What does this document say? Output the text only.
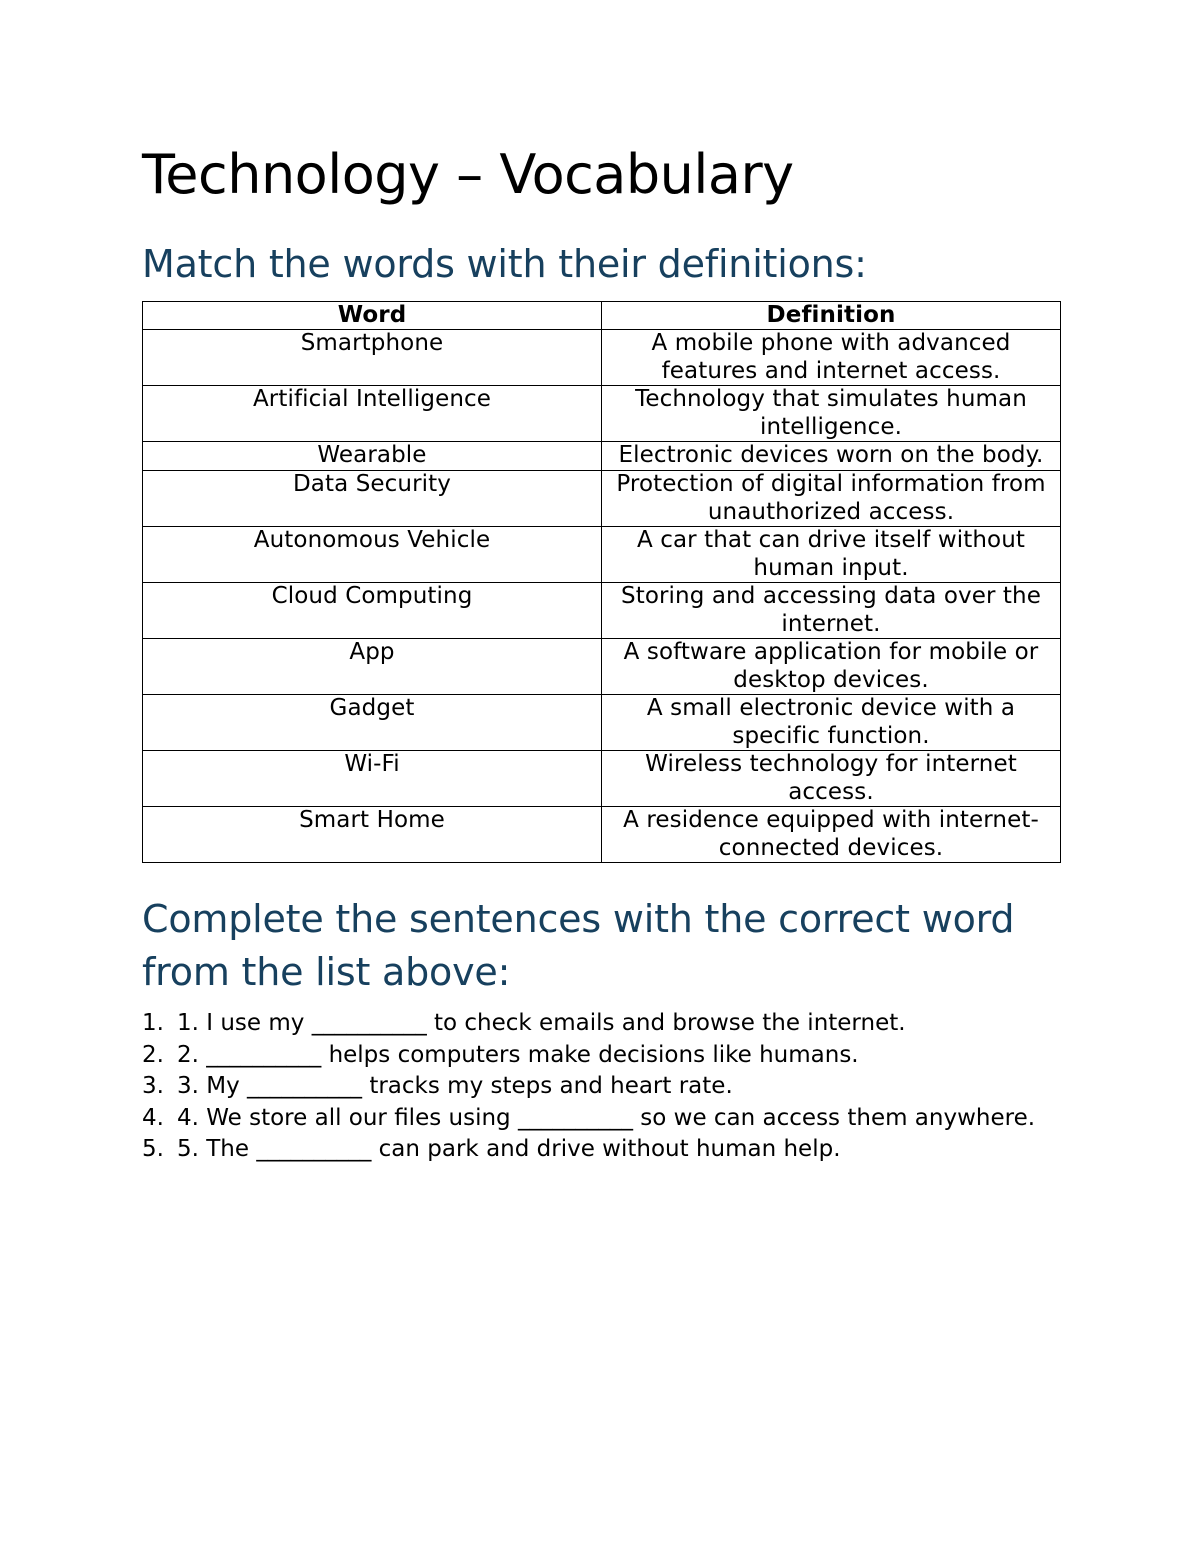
Technology – Vocabulary
Match the words with their definitions:
Word	Definition
Smartphone	A mobile phone with advanced features and internet access.
Artificial Intelligence	Technology that simulates human intelligence.
Wearable	Electronic devices worn on the body.
Data Security	Protection of digital information from unauthorized access.
Autonomous Vehicle	A car that can drive itself without human input.
Cloud Computing	Storing and accessing data over the internet.
App	A software application for mobile or desktop devices.
Gadget	A small electronic device with a specific function.
Wi-Fi	Wireless technology for internet access.
Smart Home	A residence equipped with internet-connected devices.
Complete the sentences with the correct word from the list above:
1. 1. I use my __________ to check emails and browse the internet.
2. 2. __________ helps computers make decisions like humans.
3. 3. My __________ tracks my steps and heart rate.
4. 4. We store all our files using __________ so we can access them anywhere.
5. 5. The __________ can park and drive without human help.
